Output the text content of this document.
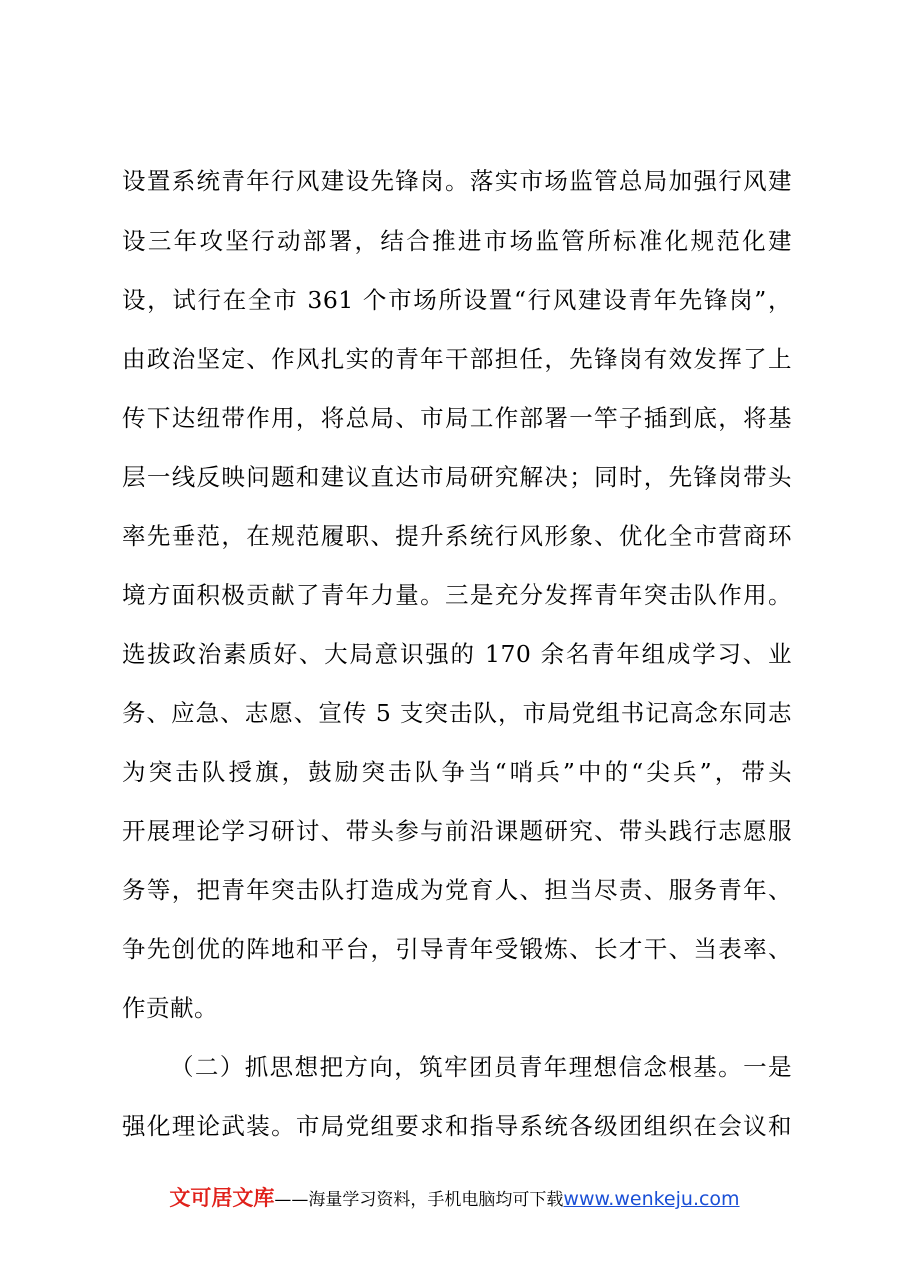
设置系统青年行风建设先锋岗。落实市场监管总局加强行风建
设三年攻坚行动部署，结合推进市场监管所标准化规范化建
设，试行在全市 361 个市场所设置“行风建设青年先锋岗”，
由政治坚定、作风扎实的青年干部担任，先锋岗有效发挥了上
传下达纽带作用，将总局、市局工作部署一竿子插到底，将基
层一线反映问题和建议直达市局研究解决；同时，先锋岗带头
率先垂范，在规范履职、提升系统行风形象、优化全市营商环
境方面积极贡献了青年力量。三是充分发挥青年突击队作用。
选拔政治素质好、大局意识强的 170 余名青年组成学习、业
务、应急、志愿、宣传 5 支突击队，市局党组书记高念东同志
为突击队授旗，鼓励突击队争当“哨兵”中的“尖兵”，带头
开展理论学习研讨、带头参与前沿课题研究、带头践行志愿服
务等，把青年突击队打造成为党育人、担当尽责、服务青年、
争先创优的阵地和平台，引导青年受锻炼、长才干、当表率、
作贡献。
（二）抓思想把方向，筑牢团员青年理想信念根基。一是
强化理论武装。市局党组要求和指导系统各级团组织在会议和
文可居文库——海量学习资料，手机电脑均可下载www.wenkeju.com
